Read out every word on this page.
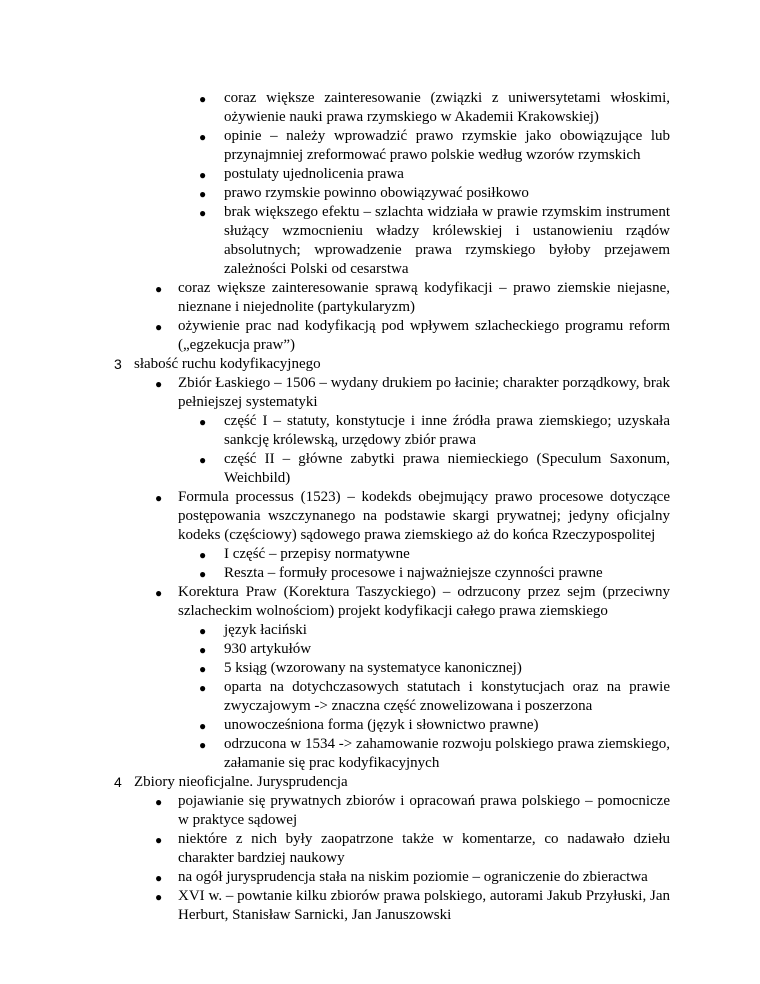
● coraz większe zainteresowanie (związki z uniwersytetami włoskimi,
ożywienie nauki prawa rzymskiego w Akademii Krakowskiej)
● opinie – należy wprowadzić prawo rzymskie jako obowiązujące lub
przynajmniej zreformować prawo polskie według wzorów rzymskich
● postulaty ujednolicenia prawa
● prawo rzymskie powinno obowiązywać posiłkowo
● brak większego efektu – szlachta widziała w prawie rzymskim instrument
służący wzmocnieniu władzy królewskiej i ustanowieniu rządów
absolutnych; wprowadzenie prawa rzymskiego byłoby przejawem
zależności Polski od cesarstwa
● coraz większe zainteresowanie sprawą kodyfikacji – prawo ziemskie niejasne,
nieznane i niejednolite (partykularyzm)
● ożywienie prac nad kodyfikacją pod wpływem szlacheckiego programu reform
(„egzekucja praw”)
3 słabość ruchu kodyfikacyjnego
● Zbiór Łaskiego – 1506 – wydany drukiem po łacinie; charakter porządkowy, brak
pełniejszej systematyki
● część I – statuty, konstytucje i inne źródła prawa ziemskiego; uzyskała
sankcję królewską, urzędowy zbiór prawa
● część II – główne zabytki prawa niemieckiego (Speculum Saxonum,
Weichbild)
● Formula processus (1523) – kodekds obejmujący prawo procesowe dotyczące
postępowania wszczynanego na podstawie skargi prywatnej; jedyny oficjalny
kodeks (częściowy) sądowego prawa ziemskiego aż do końca Rzeczypospolitej
● I część – przepisy normatywne
● Reszta – formuły procesowe i najważniejsze czynności prawne
● Korektura Praw (Korektura Taszyckiego) – odrzucony przez sejm (przeciwny
szlacheckim wolnościom) projekt kodyfikacji całego prawa ziemskiego
● język łaciński
● 930 artykułów
● 5 ksiąg (wzorowany na systematyce kanonicznej)
● oparta na dotychczasowych statutach i konstytucjach oraz na prawie
zwyczajowym -> znaczna część znowelizowana i poszerzona
● unowocześniona forma (język i słownictwo prawne)
● odrzucona w 1534 -> zahamowanie rozwoju polskiego prawa ziemskiego,
załamanie się prac kodyfikacyjnych
4 Zbiory nieoficjalne. Jurysprudencja
● pojawianie się prywatnych zbiorów i opracowań prawa polskiego – pomocnicze
w praktyce sądowej
● niektóre z nich były zaopatrzone także w komentarze, co nadawało dziełu
charakter bardziej naukowy
● na ogół jurysprudencja stała na niskim poziomie – ograniczenie do zbieractwa
● XVI w. – powtanie kilku zbiorów prawa polskiego, autorami Jakub Przyłuski, Jan
Herburt, Stanisław Sarnicki, Jan Januszowski
